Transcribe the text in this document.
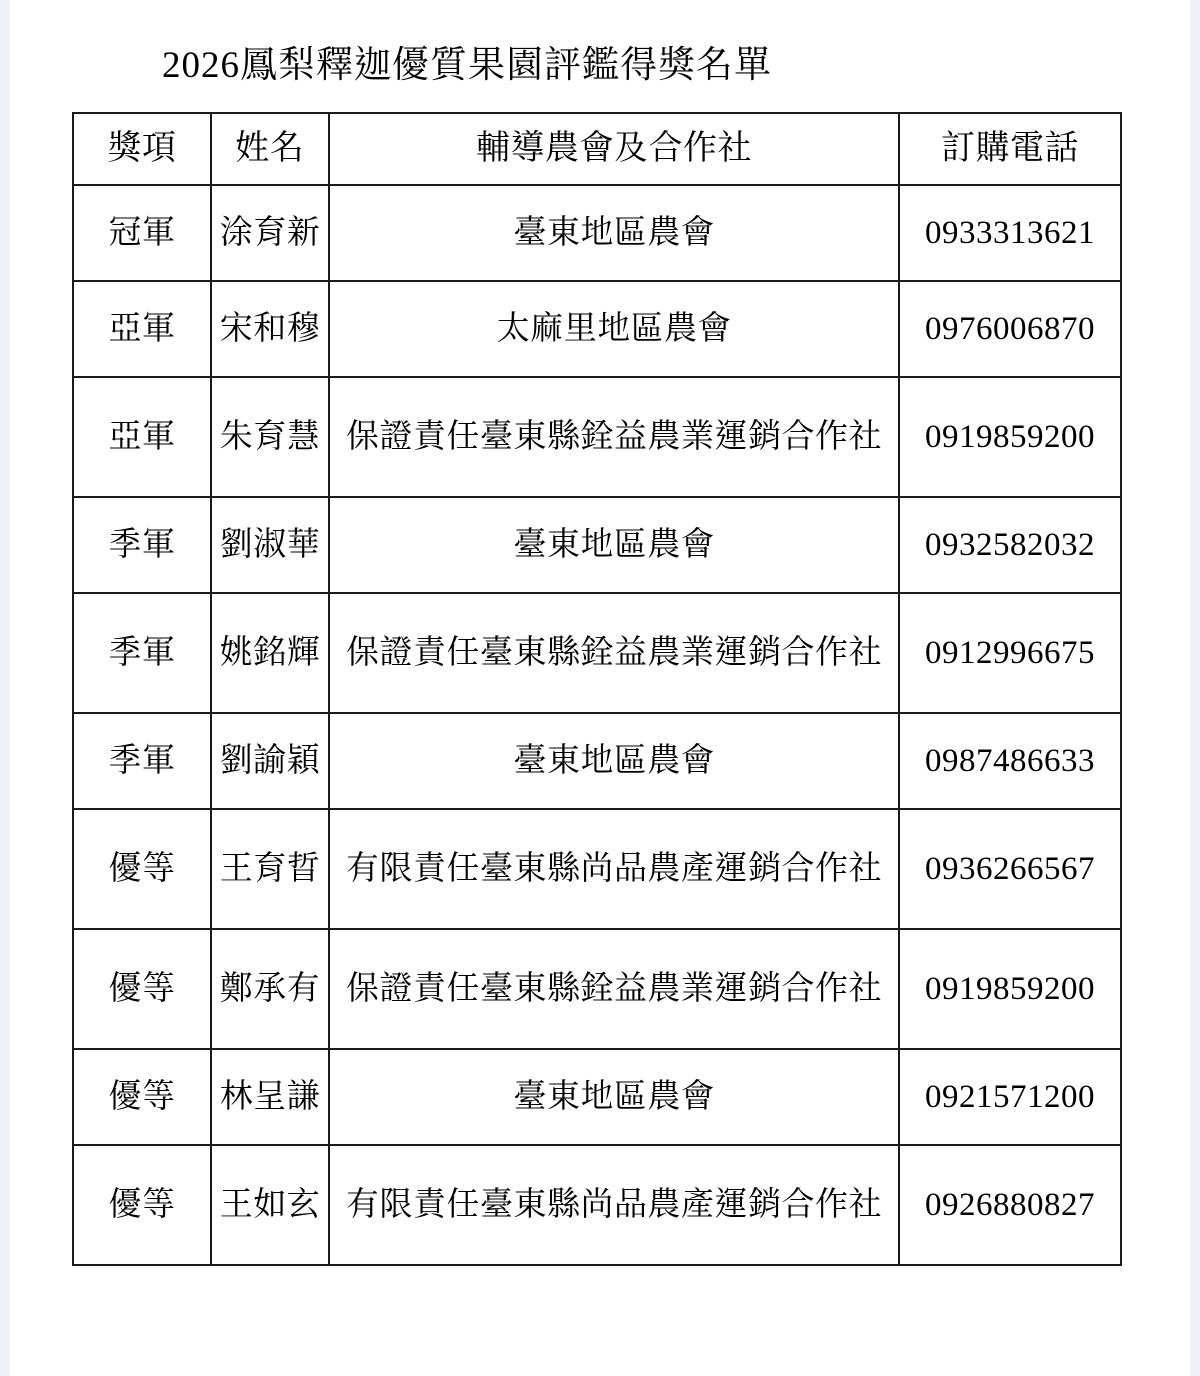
2026鳳梨釋迦優質果園評鑑得獎名單
獎項	姓名	輔導農會及合作社	訂購電話
冠軍	涂育新	臺東地區農會	0933313621
亞軍	宋和穆	太麻里地區農會	0976006870
亞軍	朱育慧	保證責任臺東縣銓益農業運銷合作社	0919859200
季軍	劉淑華	臺東地區農會	0932582032
季軍	姚銘輝	保證責任臺東縣銓益農業運銷合作社	0912996675
季軍	劉諭穎	臺東地區農會	0987486633
優等	王育晢	有限責任臺東縣尚品農產運銷合作社	0936266567
優等	鄭承有	保證責任臺東縣銓益農業運銷合作社	0919859200
優等	林呈謙	臺東地區農會	0921571200
優等	王如玄	有限責任臺東縣尚品農產運銷合作社	0926880827
